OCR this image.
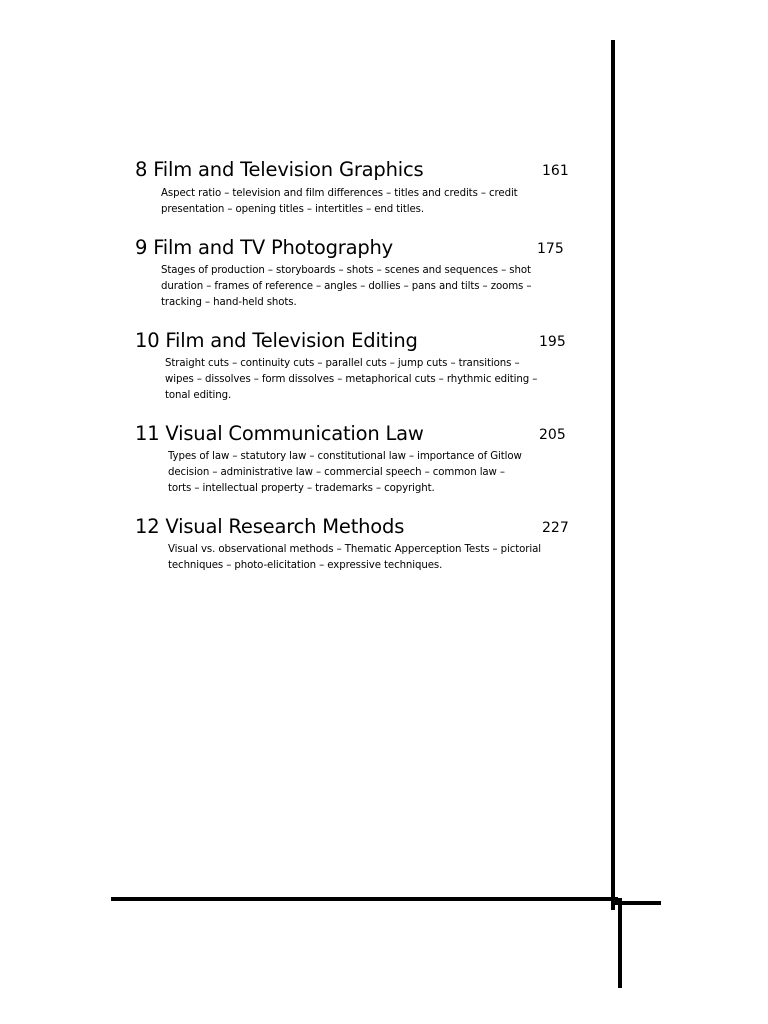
8 Film and Television Graphics	161
Aspect ratio – television and film differences – titles and credits – credit
presentation – opening titles – intertitles – end titles.
9 Film and TV Photography	175
Stages of production – storyboards – shots – scenes and sequences – shot
duration – frames of reference – angles – dollies – pans and tilts – zooms –
tracking – hand-held shots.
10 Film and Television Editing	195
Straight cuts – continuity cuts – parallel cuts – jump cuts – transitions –
wipes – dissolves – form dissolves – metaphorical cuts – rhythmic editing –
tonal editing.
11 Visual Communication Law	205
Types of law – statutory law – constitutional law – importance of Gitlow
decision – administrative law – commercial speech – common law –
torts – intellectual property – trademarks – copyright.
12 Visual Research Methods	227
Visual vs. observational methods – Thematic Apperception Tests – pictorial
techniques – photo-elicitation – expressive techniques.
